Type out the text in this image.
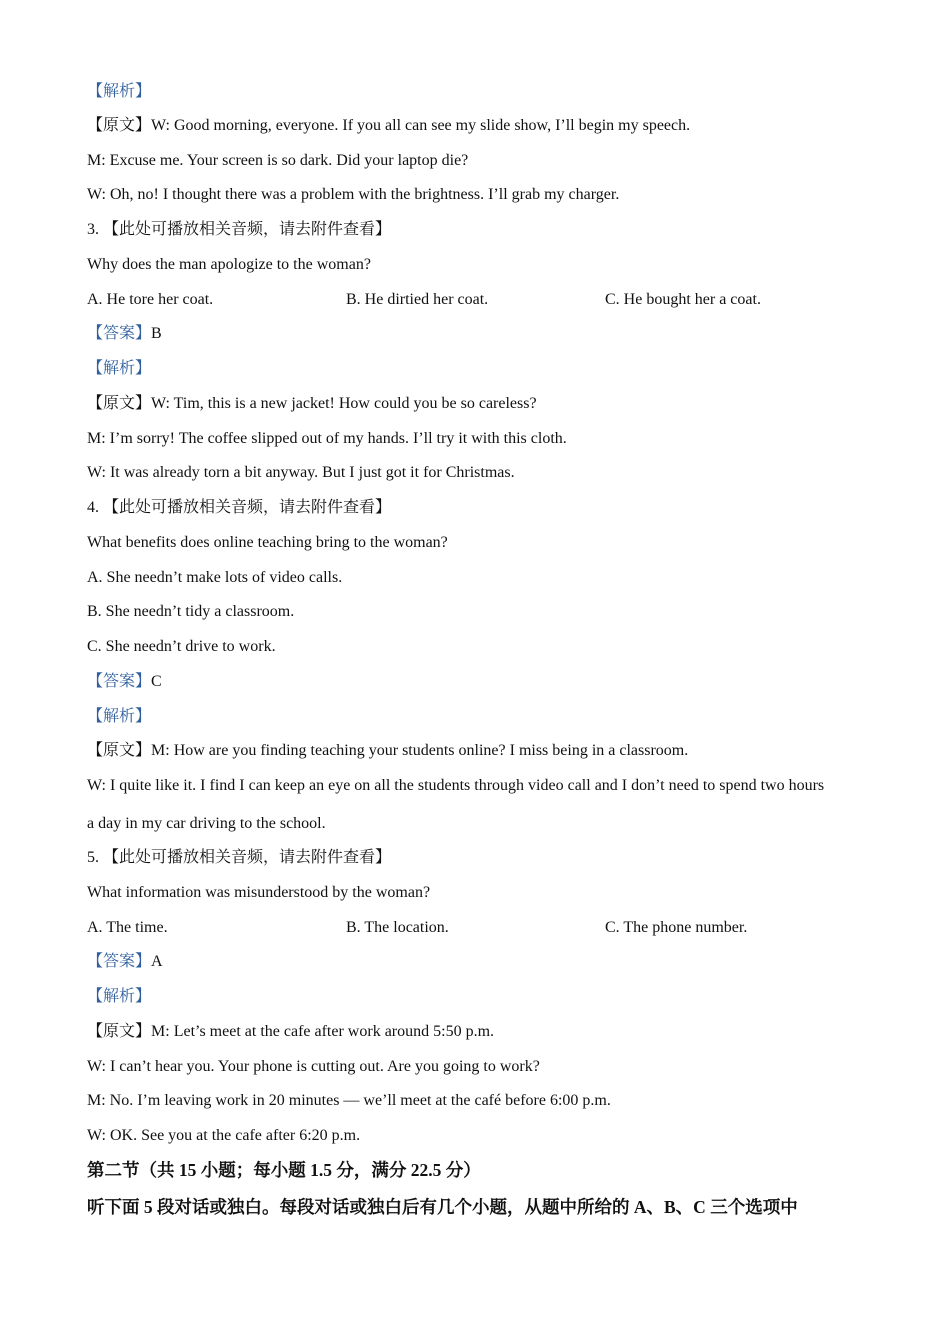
【解析】
【原文】W: Good morning, everyone. If you all can see my slide show, I’ll begin my speech.
M: Excuse me. Your screen is so dark. Did your laptop die?
W: Oh, no! I thought there was a problem with the brightness. I’ll grab my charger.
3. 【此处可播放相关音频，请去附件查看】
Why does the man apologize to the woman?
A. He tore her coat.	B. He dirtied her coat.	C. He bought her a coat.
【答案】B
【解析】
【原文】W: Tim, this is a new jacket! How could you be so careless?
M: I’m sorry! The coffee slipped out of my hands. I’ll try it with this cloth.
W: It was already torn a bit anyway. But I just got it for Christmas.
4. 【此处可播放相关音频，请去附件查看】
What benefits does online teaching bring to the woman?
A. She needn’t make lots of video calls.
B. She needn’t tidy a classroom.
C. She needn’t drive to work.
【答案】C
【解析】
【原文】M: How are you finding teaching your students online? I miss being in a classroom.
W: I quite like it. I find I can keep an eye on all the students through video call and I don’t need to spend two hours
a day in my car driving to the school.
5. 【此处可播放相关音频，请去附件查看】
What information was misunderstood by the woman?
A. The time.	B. The location.	C. The phone number.
【答案】A
【解析】
【原文】M: Let’s meet at the cafe after work around 5:50 p.m.
W: I can’t hear you. Your phone is cutting out. Are you going to work?
M: No. I’m leaving work in 20 minutes — we’ll meet at the café before 6:00 p.m.
W: OK. See you at the cafe after 6:20 p.m.
第二节（共 15 小题；每小题 1.5 分，满分 22.5 分）
听下面 5 段对话或独白。每段对话或独白后有几个小题，从题中所给的 A、B、C 三个选项中
